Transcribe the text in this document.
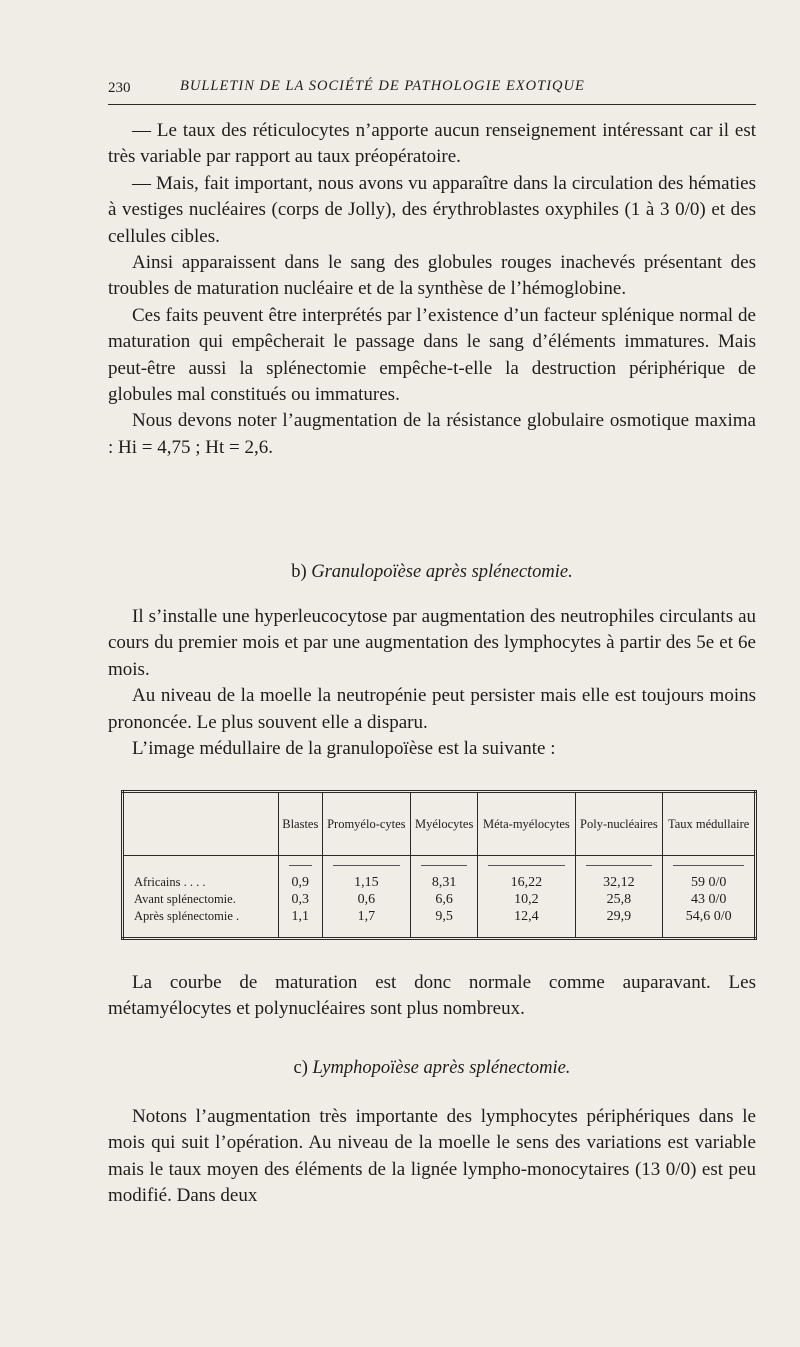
230	BULLETIN DE LA SOCIÉTÉ DE PATHOLOGIE EXOTIQUE

— Le taux des réticulocytes n’apporte aucun renseignement intéressant car il est très variable par rapport au taux préopératoire.

— Mais, fait important, nous avons vu apparaître dans la circulation des hématies à vestiges nucléaires (corps de Jolly), des érythroblastes oxyphiles (1 à 3 0/0) et des cellules cibles.

Ainsi apparaissent dans le sang des globules rouges inachevés présentant des troubles de maturation nucléaire et de la synthèse de l’hémoglobine.

Ces faits peuvent être interprétés par l’existence d’un facteur splénique normal de maturation qui empêcherait le passage dans le sang d’éléments immatures. Mais peut-être aussi la splénectomie empêche-t-elle la destruction périphérique de globules mal constitués ou immatures.

Nous devons noter l’augmentation de la résistance globulaire osmotique maxima : Hi = 4,75 ; Ht = 2,6.

b) Granulopoïèse après splénectomie.

Il s’installe une hyperleucocytose par augmentation des neutrophiles circulants au cours du premier mois et par une augmentation des lymphocytes à partir des 5e et 6e mois.

Au niveau de la moelle la neutropénie peut persister mais elle est toujours moins prononcée. Le plus souvent elle a disparu.

L’image médullaire de la granulopoïèse est la suivante :

	Blastes	Promyélo-cytes	Myélocytes	Méta-myélocytes	Poly-nucléaires	Taux médullaire

Africains . . . .	0,9	1,15	8,31	16,22	32,12	59 0/0
Avant splénectomie.	0,3	0,6	6,6	10,2	25,8	43 0/0
Après splénectomie .	1,1	1,7	9,5	12,4	29,9	54,6 0/0

La courbe de maturation est donc normale comme auparavant. Les métamyélocytes et polynucléaires sont plus nombreux.

c) Lymphopoïèse après splénectomie.

Notons l’augmentation très importante des lymphocytes périphériques dans le mois qui suit l’opération. Au niveau de la moelle le sens des variations est variable mais le taux moyen des éléments de la lignée lympho-monocytaires (13 0/0) est peu modifié. Dans deux
